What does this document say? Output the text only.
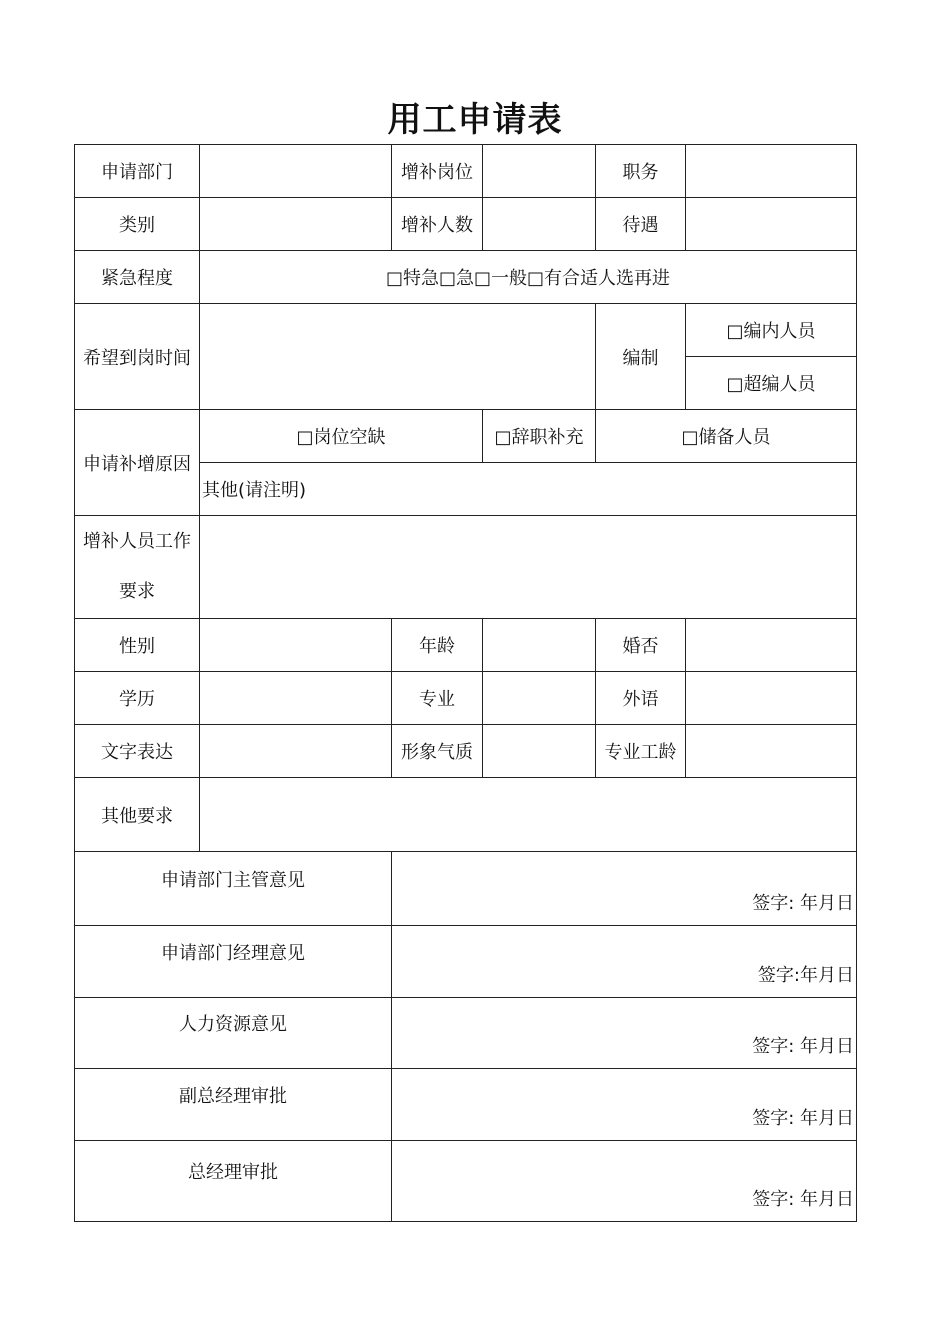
用工申请表
申请部门		增补岗位		职务	
类别		增补人数		待遇	
紧急程度	□特急□急□一般□有合适人选再进				
希望到岗时间				编制	□编内人员
					□超编人员
申请补增原因	□岗位空缺		□辞职补充	□储备人员	
	其他(请注明)				

增补人员工作
要求					

性别		年龄		婚否	
学历		专业		外语	
文字表达		形象气质		专业工龄	
其他要求					
申请部门主管意见		签字: 年月日			

申请部门经理意见		签字:年月日			

人力资源意见		签字: 年月日			

副总经理审批		签字: 年月日			

总经理审批		签字: 年月日			
